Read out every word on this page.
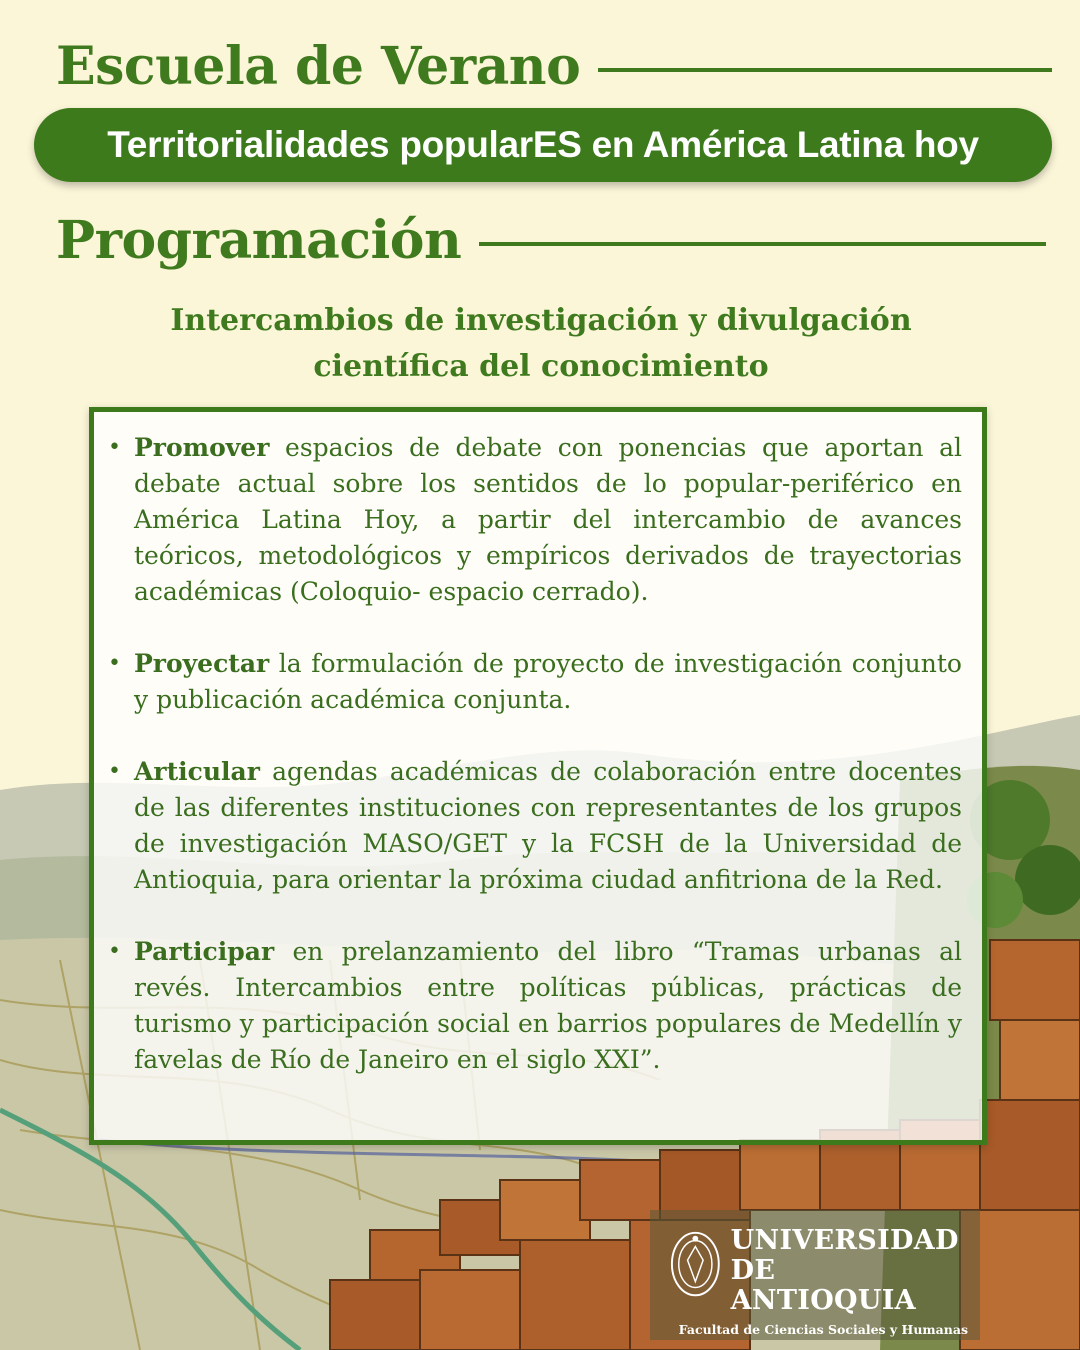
Escuela de Verano
Territorialidades popularES en América Latina hoy
Programación
Intercambios de investigación y divulgación
científica del conocimiento
• Promover espacios de debate con ponencias que aportan al debate actual sobre los sentidos de lo popular-periférico en América Latina Hoy, a partir del intercambio de avances teóricos, metodológicos y empíricos derivados de trayectorias académicas (Coloquio- espacio cerrado).
• Proyectar la formulación de proyecto de investigación conjunto y publicación académica conjunta.
• Articular agendas académicas de colaboración entre docentes de las diferentes instituciones con representantes de los grupos de investigación MASO/GET y la FCSH de la Universidad de Antioquia, para orientar la próxima ciudad anfitriona de la Red.
• Participar en prelanzamiento del libro “Tramas urbanas al revés. Intercambios entre políticas públicas, prácticas de turismo y participación social en barrios populares de Medellín y favelas de Río de Janeiro en el siglo XXI”.
UNIVERSIDAD
DE ANTIOQUIA
Facultad de Ciencias Sociales y Humanas
